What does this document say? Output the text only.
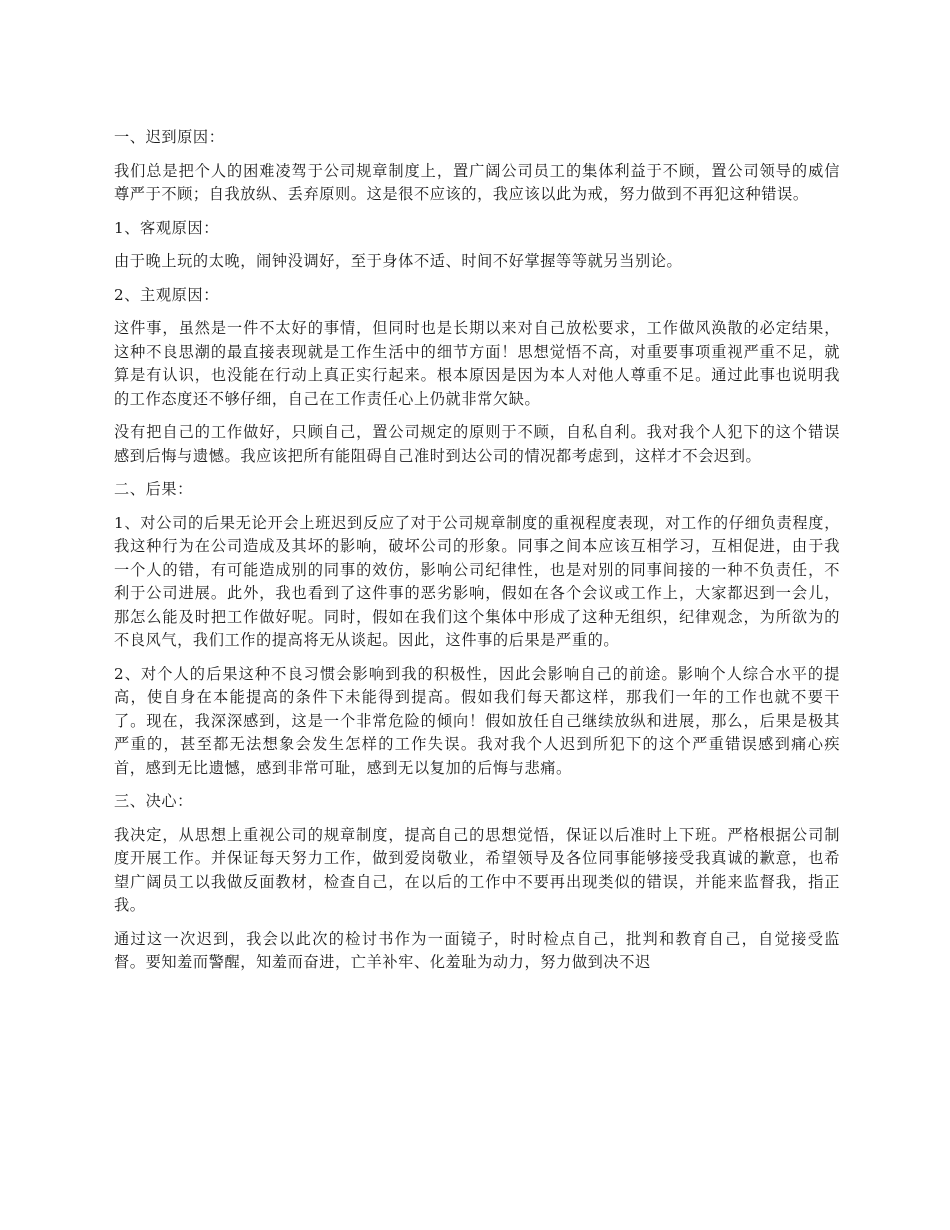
一、迟到原因：

我们总是把个人的困难凌驾于公司规章制度上，置广阔公司员工的集体利益于不顾，置公司领导的威信尊严于不顾；自我放纵、丢弃原则。这是很不应该的，我应该以此为戒，努力做到不再犯这种错误。

1、客观原因：

由于晚上玩的太晚，闹钟没调好，至于身体不适、时间不好掌握等等就另当别论。

2、主观原因：

这件事，虽然是一件不太好的事情，但同时也是长期以来对自己放松要求，工作做风涣散的必定结果，这种不良思潮的最直接表现就是工作生活中的细节方面！思想觉悟不高，对重要事项重视严重不足，就算是有认识，也没能在行动上真正实行起来。根本原因是因为本人对他人尊重不足。通过此事也说明我的工作态度还不够仔细，自己在工作责任心上仍就非常欠缺。

没有把自己的工作做好，只顾自己，置公司规定的原则于不顾，自私自利。我对我个人犯下的这个错误感到后悔与遗憾。我应该把所有能阻碍自己准时到达公司的情况都考虑到，这样才不会迟到。

二、后果：

1、对公司的后果无论开会上班迟到反应了对于公司规章制度的重视程度表现，对工作的仔细负责程度，我这种行为在公司造成及其坏的影响，破坏公司的形象。同事之间本应该互相学习，互相促进，由于我一个人的错，有可能造成别的同事的效仿，影响公司纪律性，也是对别的同事间接的一种不负责任，不利于公司进展。此外，我也看到了这件事的恶劣影响，假如在各个会议或工作上，大家都迟到一会儿，那怎么能及时把工作做好呢。同时，假如在我们这个集体中形成了这种无组织，纪律观念，为所欲为的不良风气，我们工作的提高将无从谈起。因此，这件事的后果是严重的。

2、对个人的后果这种不良习惯会影响到我的积极性，因此会影响自己的前途。影响个人综合水平的提高，使自身在本能提高的条件下未能得到提高。假如我们每天都这样，那我们一年的工作也就不要干了。现在，我深深感到，这是一个非常危险的倾向！假如放任自己继续放纵和进展，那么，后果是极其严重的，甚至都无法想象会发生怎样的工作失误。我对我个人迟到所犯下的这个严重错误感到痛心疾首，感到无比遗憾，感到非常可耻，感到无以复加的后悔与悲痛。

三、决心：

我决定，从思想上重视公司的规章制度，提高自己的思想觉悟，保证以后准时上下班。严格根据公司制度开展工作。并保证每天努力工作，做到爱岗敬业，希望领导及各位同事能够接受我真诚的歉意，也希望广阔员工以我做反面教材，检查自己，在以后的工作中不要再出现类似的错误，并能来监督我，指正我。

通过这一次迟到，我会以此次的检讨书作为一面镜子，时时检点自己，批判和教育自己，自觉接受监督。要知羞而警醒，知羞而奋进，亡羊补牢、化羞耻为动力，努力做到决不迟
